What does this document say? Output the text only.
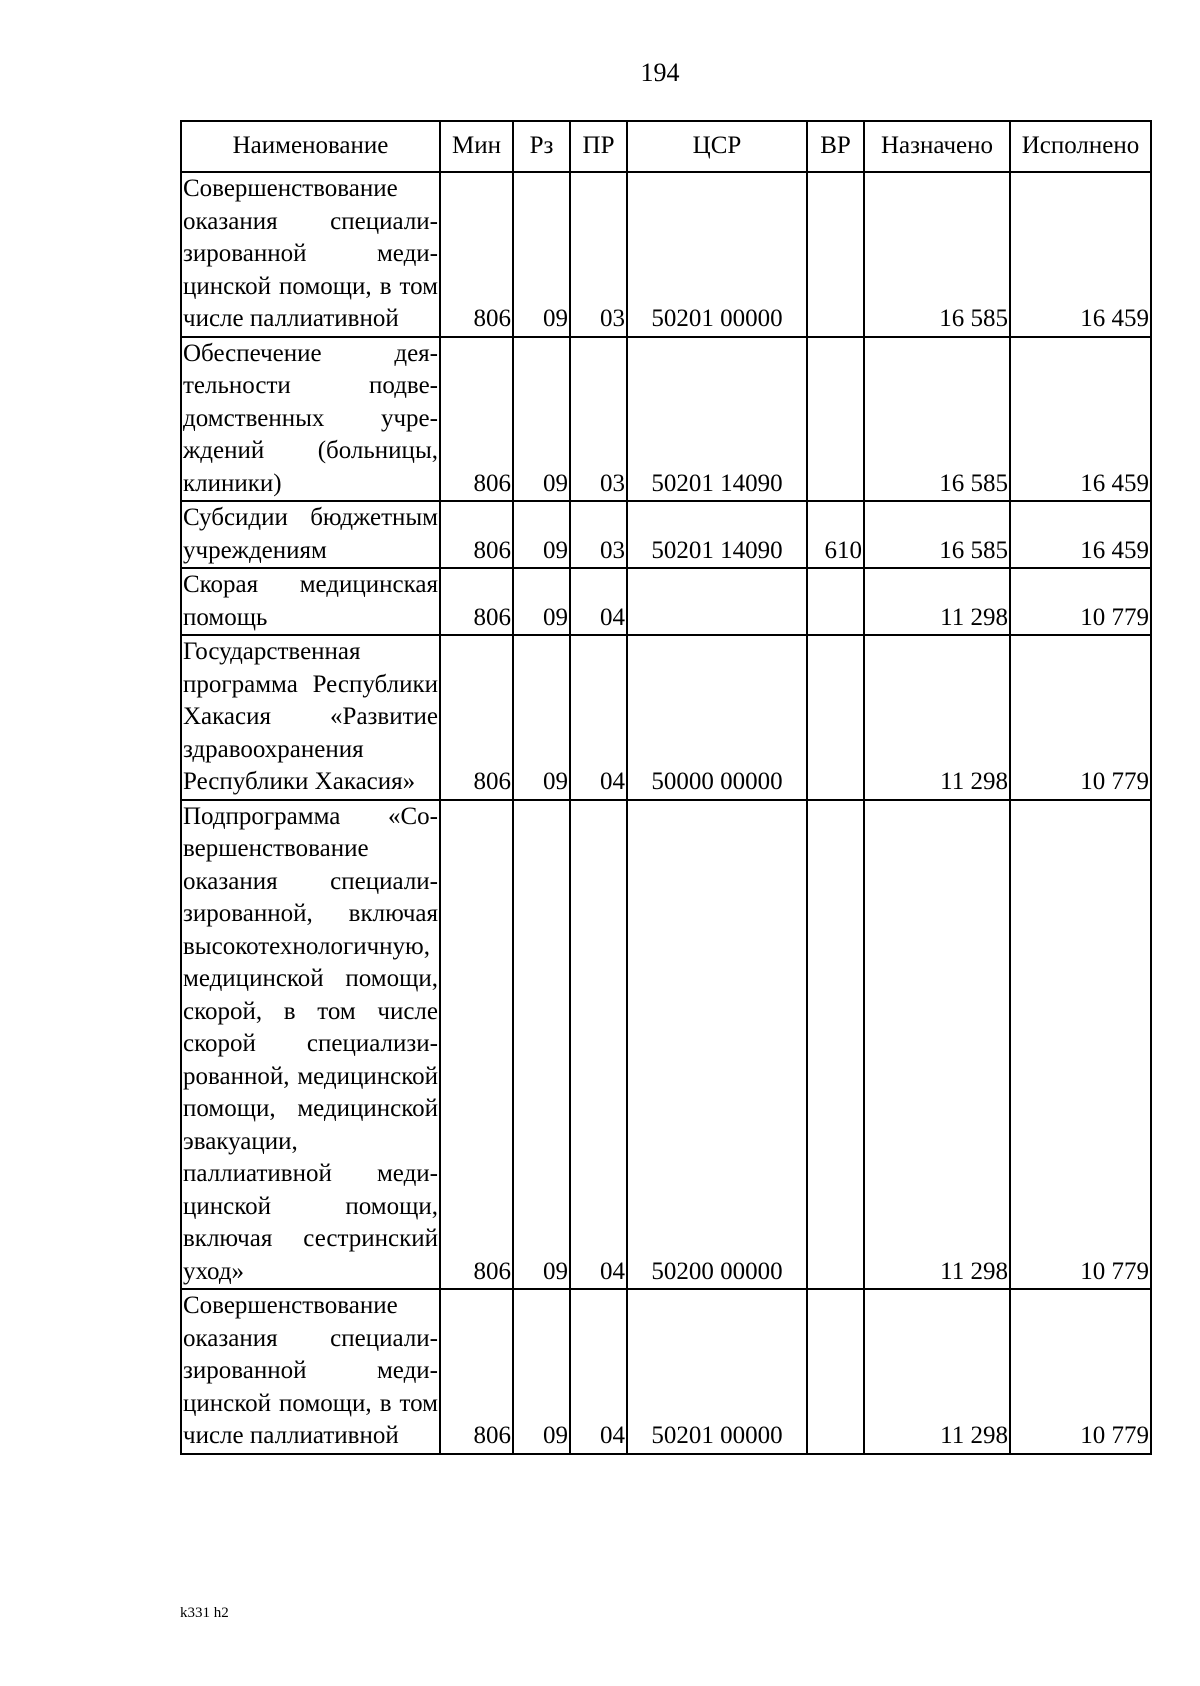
194
Наименование	Мин	Рз	ПР	ЦСР	ВР	Назначено	Исполнено
Совершенствование оказания специализированной медицинской помощи, в том числе паллиативной	806	09	03	50201 00000		16 585	16 459
Обеспечение деятельности подведомственных учреждений (больницы, клиники)	806	09	03	50201 14090		16 585	16 459
Субсидии бюджетным учреждениям	806	09	03	50201 14090	610	16 585	16 459
Скорая медицинская помощь	806	09	04			11 298	10 779
Государственная программа Республики Хакасия «Развитие здравоохранения Республики Хакасия»	806	09	04	50000 00000		11 298	10 779
Подпрограмма «Совершенствование оказания специализированной, включая высокотехнологичную, медицинской помощи, скорой, в том числе скорой специализированной, медицинской помощи, медицинской эвакуации, паллиативной медицинской помощи, включая сестринский уход»	806	09	04	50200 00000		11 298	10 779
Совершенствование оказания специализированной медицинской помощи, в том числе паллиативной	806	09	04	50201 00000		11 298	10 779
k331 h2
